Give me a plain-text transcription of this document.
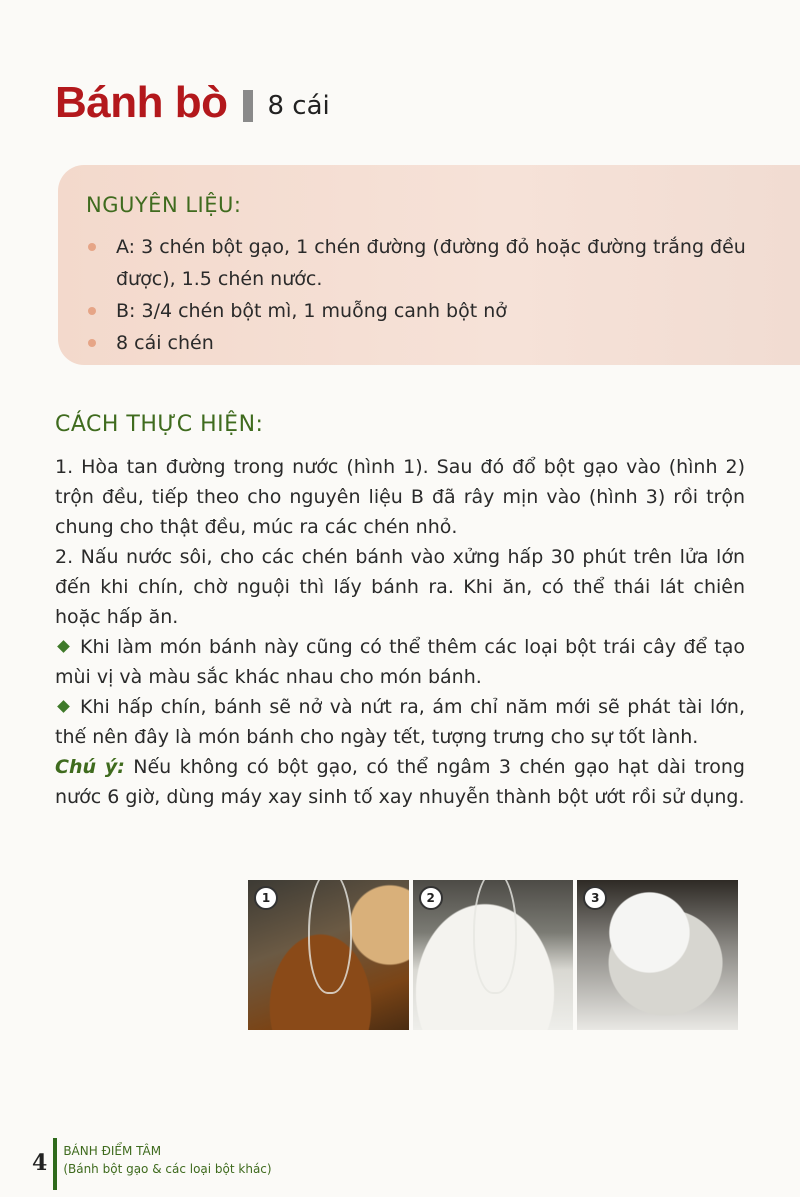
Bánh bò 8 cái
NGUYÊN LIỆU:
A: 3 chén bột gạo, 1 chén đường (đường đỏ hoặc đường trắng đều được), 1.5 chén nước.
B: 3/4 chén bột mì, 1 muỗng canh bột nở
8 cái chén
CÁCH THỰC HIỆN:

1. Hòa tan đường trong nước (hình 1). Sau đó đổ bột gạo vào (hình 2) trộn đều, tiếp theo cho nguyên liệu B đã rây mịn vào (hình 3) rồi trộn chung cho thật đều, múc ra các chén nhỏ.

2. Nấu nước sôi, cho các chén bánh vào xửng hấp 30 phút trên lửa lớn đến khi chín, chờ nguội thì lấy bánh ra. Khi ăn, có thể thái lát chiên hoặc hấp ăn.

Khi làm món bánh này cũng có thể thêm các loại bột trái cây để tạo mùi vị và màu sắc khác nhau cho món bánh.

Khi hấp chín, bánh sẽ nở và nứt ra, ám chỉ năm mới sẽ phát tài lớn, thế nên đây là món bánh cho ngày tết, tượng trưng cho sự tốt lành.

Chú ý: Nếu không có bột gạo, có thể ngâm 3 chén gạo hạt dài trong nước 6 giờ, dùng máy xay sinh tố xay nhuyễn thành bột ướt rồi sử dụng.

1	2	3
4 BÁNH ĐIỂM TÂM
(Bánh bột gạo & các loại bột khác)
